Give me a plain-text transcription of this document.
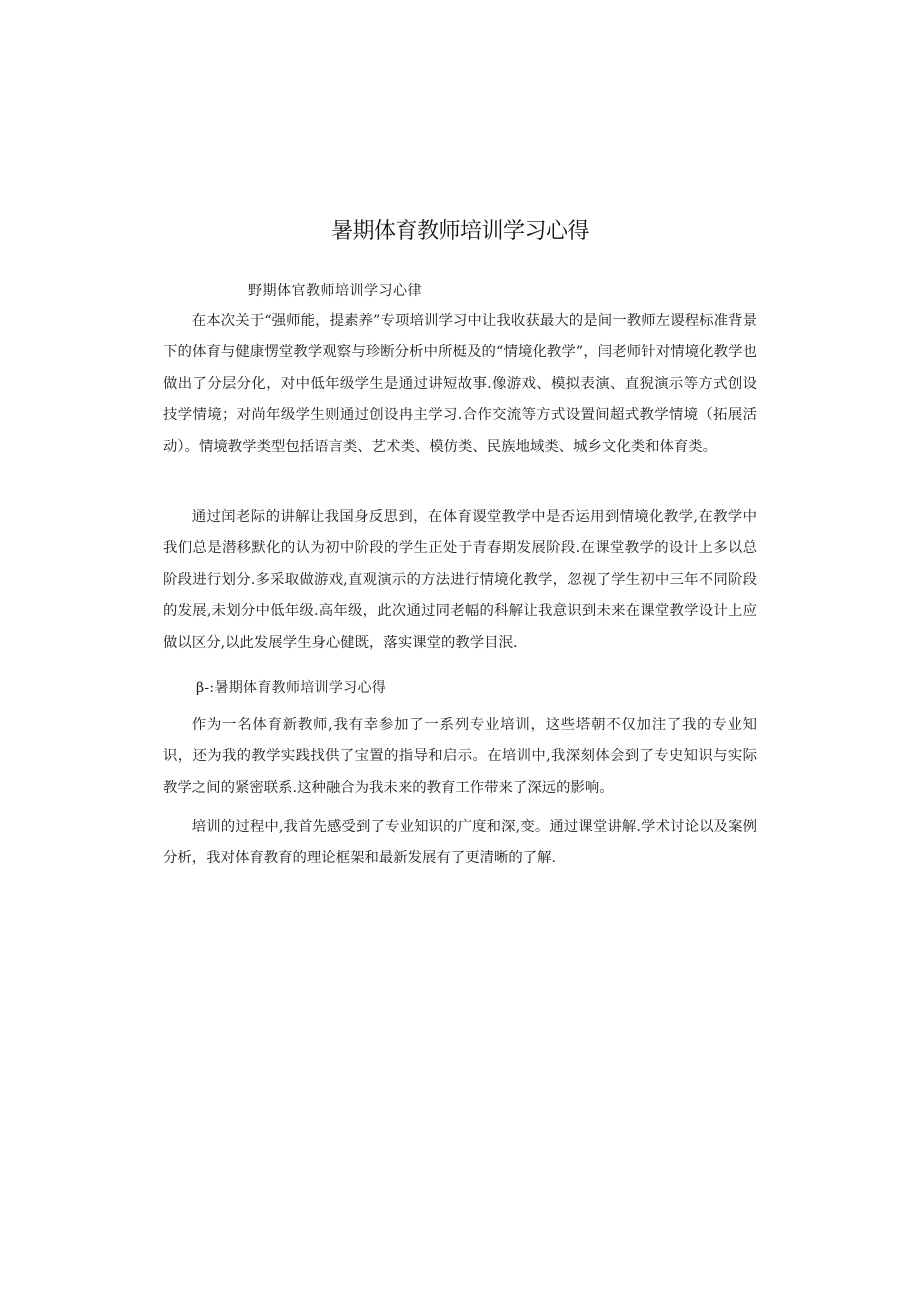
暑期体育教师培训学习心得

野期体官教师培训学习心律

在本次关于“强师能，提素养”专项培训学习中让我收获最大的是间一教师左谡程标准背景下的体育与健康愣堂教学观察与珍断分析中所梃及的“情境化教学”，闫老师针对情境化教学也做出了分层分化，对中低年级学生是通过讲短故事.像游戏、模拟表演、直猊演示等方式创设技学情境；对尚年级学生则通过创设冉主学习.合作交流等方式设置间超式教学情境（拓展活动）。情境教学类型包括语言类、艺术类、模仿类、民族地域类、城乡文化类和体育类。

通过闰老际的讲解让我国身反思到，在体育谡堂教学中是否运用到情境化教学,在教学中我们总是潜移默化的认为初中阶段的学生正处于青春期发展阶段.在课堂教学的设计上多以总阶段进行划分.多采取做游戏,直观演示的方法进行情境化教学，忽视了学生初中三年不同阶段的发展,未划分中低年级.高年级，此次通过同老幅的科解让我意识到未来在课堂教学设计上应做以区分,以此发展学生身心健既，落实课堂的教学目泯.

β-:暑期体育教师培训学习心得

作为一名体育新教师,我有幸参加了一系列专业培训，这些塔朝不仅加注了我的专业知识，还为我的教学实践找供了宝置的指导和启示。在培训中,我深刻体会到了专史知识与实际教学之间的紧密联系.这种融合为我未来的教育工作带来了深远的影响。

培训的过程中,我首先感受到了专业知识的广度和深,变。通过课堂讲解.学术讨论以及案例分析，我对体育教育的理论框架和最新发展有了更清晰的了解.
